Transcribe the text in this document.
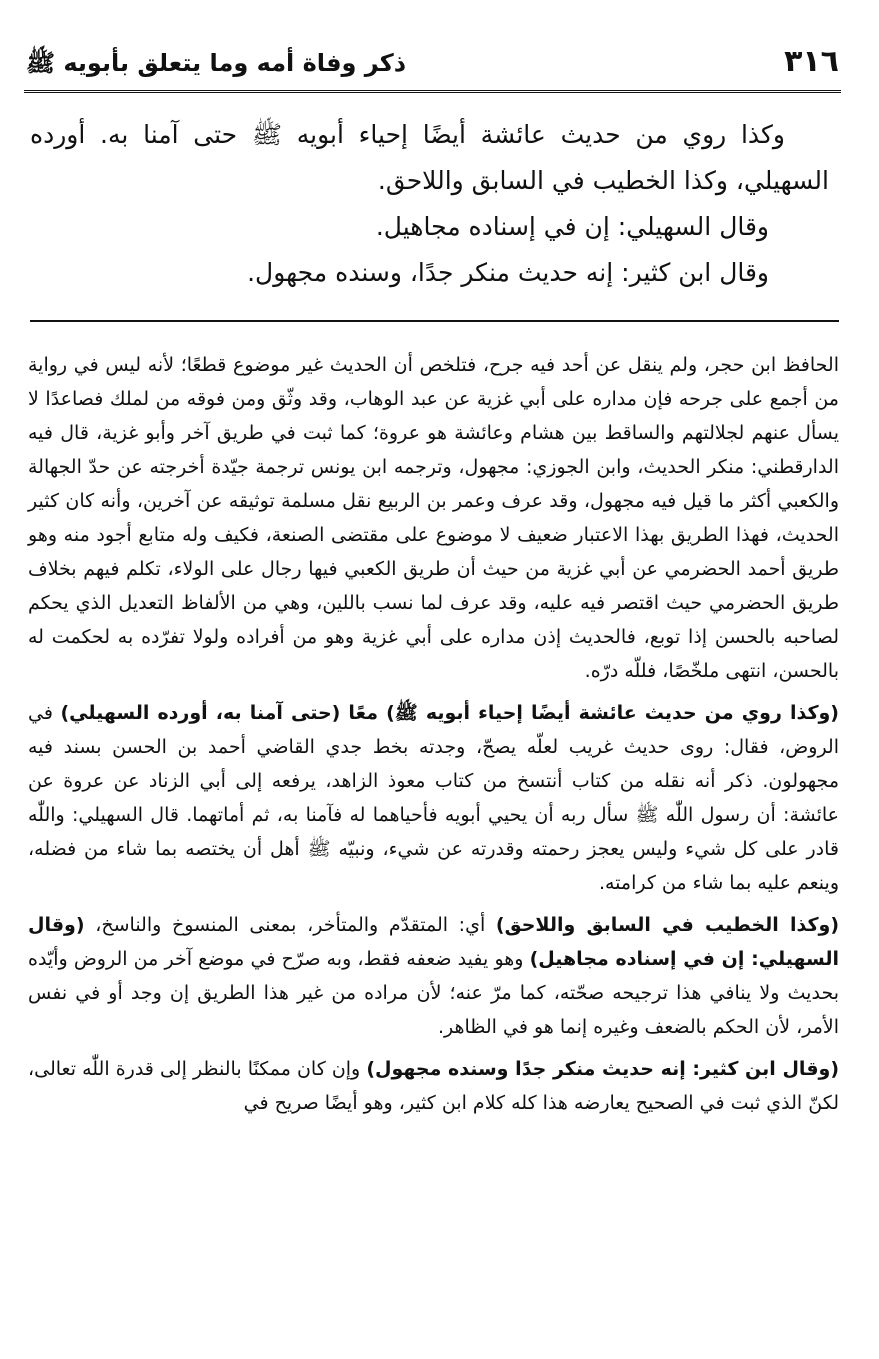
٣١٦
ذكر وفاة أمه وما يتعلق بأبويه ﷺ

وكذا روي من حديث عائشة أيضًا إحياء أبويه ﷺ حتى آمنا به. أورده السهيلي، وكذا الخطيب في السابق واللاحق.

وقال السهيلي: إن في إسناده مجاهيل.

وقال ابن كثير: إنه حديث منكر جدًا، وسنده مجهول.

الحافظ ابن حجر، ولم ينقل عن أحد فيه جرح، فتلخص أن الحديث غير موضوع قطعًا؛ لأنه ليس في رواية من أجمع على جرحه فإن مداره على أبي غزية عن عبد الوهاب، وقد وثّق ومن فوقه من لملك فصاعدًا لا يسأل عنهم لجلالتهم والساقط بين هشام وعائشة هو عروة؛ كما ثبت في طريق آخر وأبو غزية، قال فيه الدارقطني: منكر الحديث، وابن الجوزي: مجهول، وترجمه ابن يونس ترجمة جيّدة أخرجته عن حدّ الجهالة والكعبي أكثر ما قيل فيه مجهول، وقد عرف وعمر بن الربيع نقل مسلمة توثيقه عن آخرين، وأنه كان كثير الحديث، فهذا الطريق بهذا الاعتبار ضعيف لا موضوع على مقتضى الصنعة، فكيف وله متابع أجود منه وهو طريق أحمد الحضرمي عن أبي غزية من حيث أن طريق الكعبي فيها رجال على الولاء، تكلم فيهم بخلاف طريق الحضرمي حيث اقتصر فيه عليه، وقد عرف لما نسب باللين، وهي من الألفاظ التعديل الذي يحكم لصاحبه بالحسن إذا توبع، فالحديث إذن مداره على أبي غزية وهو من أفراده ولولا تفرّده به لحكمت له بالحسن، انتهى ملخّصًا، فللّه درّه.

(وكذا روي من حديث عائشة أيضًا إحياء أبويه ﷺ) معًا (حتى آمنا به، أورده السهيلي) في الروض، فقال: روى حديث غريب لعلّه يصحّ، وجدته بخط جدي القاضي أحمد بن الحسن بسند فيه مجهولون. ذكر أنه نقله من كتاب أنتسخ من كتاب معوذ الزاهد، يرفعه إلى أبي الزناد عن عروة عن عائشة: أن رسول اللّٰه ﷺ سأل ربه أن يحيي أبويه فأحياهما له فآمنا به، ثم أماتهما. قال السهيلي: واللّٰه قادر على كل شيء وليس يعجز رحمته وقدرته عن شيء، ونبيّه ﷺ أهل أن يختصه بما شاء من فضله، وينعم عليه بما شاء من كرامته.

(وكذا الخطيب في السابق واللاحق) أي: المتقدّم والمتأخر، بمعنى المنسوخ والناسخ، (وقال السهيلي: إن في إسناده مجاهيل) وهو يفيد ضعفه فقط، وبه صرّح في موضع آخر من الروض وأيّده بحديث ولا ينافي هذا ترجيحه صحّته، كما مرّ عنه؛ لأن مراده من غير هذا الطريق إن وجد أو في نفس الأمر، لأن الحكم بالضعف وغيره إنما هو في الظاهر.

(وقال ابن كثير: إنه حديث منكر جدًا وسنده مجهول) وإن كان ممكنًا بالنظر إلى قدرة اللّٰه تعالى، لكنّ الذي ثبت في الصحيح يعارضه هذا كله كلام ابن كثير، وهو أيضًا صريح في
